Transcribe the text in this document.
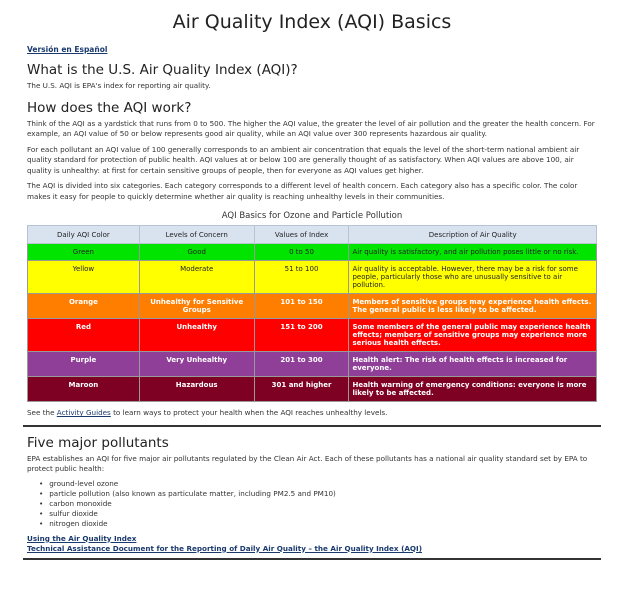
Air Quality Index (AQI) Basics
Versión en Español
What is the U.S. Air Quality Index (AQI)?

The U.S. AQI is EPA's index for reporting air quality.

How does the AQI work?

Think of the AQI as a yardstick that runs from 0 to 500. The higher the AQI value, the greater the level of air pollution and the greater the health concern. For example, an AQI value of 50 or below represents good air quality, while an AQI value over 300 represents hazardous air quality.

For each pollutant an AQI value of 100 generally corresponds to an ambient air concentration that equals the level of the short-term national ambient air quality standard for protection of public health. AQI values at or below 100 are generally thought of as satisfactory. When AQI values are above 100, air quality is unhealthy: at first for certain sensitive groups of people, then for everyone as AQI values get higher.

The AQI is divided into six categories. Each category corresponds to a different level of health concern. Each category also has a specific color. The color makes it easy for people to quickly determine whether air quality is reaching unhealthy levels in their communities.

AQI Basics for Ozone and Particle Pollution
Daily AQI Color	Levels of Concern	Values of Index	Description of Air Quality
Green	Good	0 to 50	Air quality is satisfactory, and air pollution poses little or no risk.
Yellow	Moderate	51 to 100	Air quality is acceptable. However, there may be a risk for some people, particularly those who are unusually sensitive to air pollution.
Orange	Unhealthy for Sensitive Groups	101 to 150	Members of sensitive groups may experience health effects. The general public is less likely to be affected.
Red	Unhealthy	151 to 200	Some members of the general public may experience health effects; members of sensitive groups may experience more serious health effects.
Purple	Very Unhealthy	201 to 300	Health alert: The risk of health effects is increased for everyone.
Maroon	Hazardous	301 and higher	Health warning of emergency conditions: everyone is more likely to be affected.

See the Activity Guides to learn ways to protect your health when the AQI reaches unhealthy levels.

Five major pollutants

EPA establishes an AQI for five major air pollutants regulated by the Clean Air Act. Each of these pollutants has a national air quality standard set by EPA to protect public health:

• ground-level ozone
• particle pollution (also known as particulate matter, including PM2.5 and PM10)
• carbon monoxide
• sulfur dioxide
• nitrogen dioxide
Using the Air Quality Index
Technical Assistance Document for the Reporting of Daily Air Quality – the Air Quality Index (AQI)
